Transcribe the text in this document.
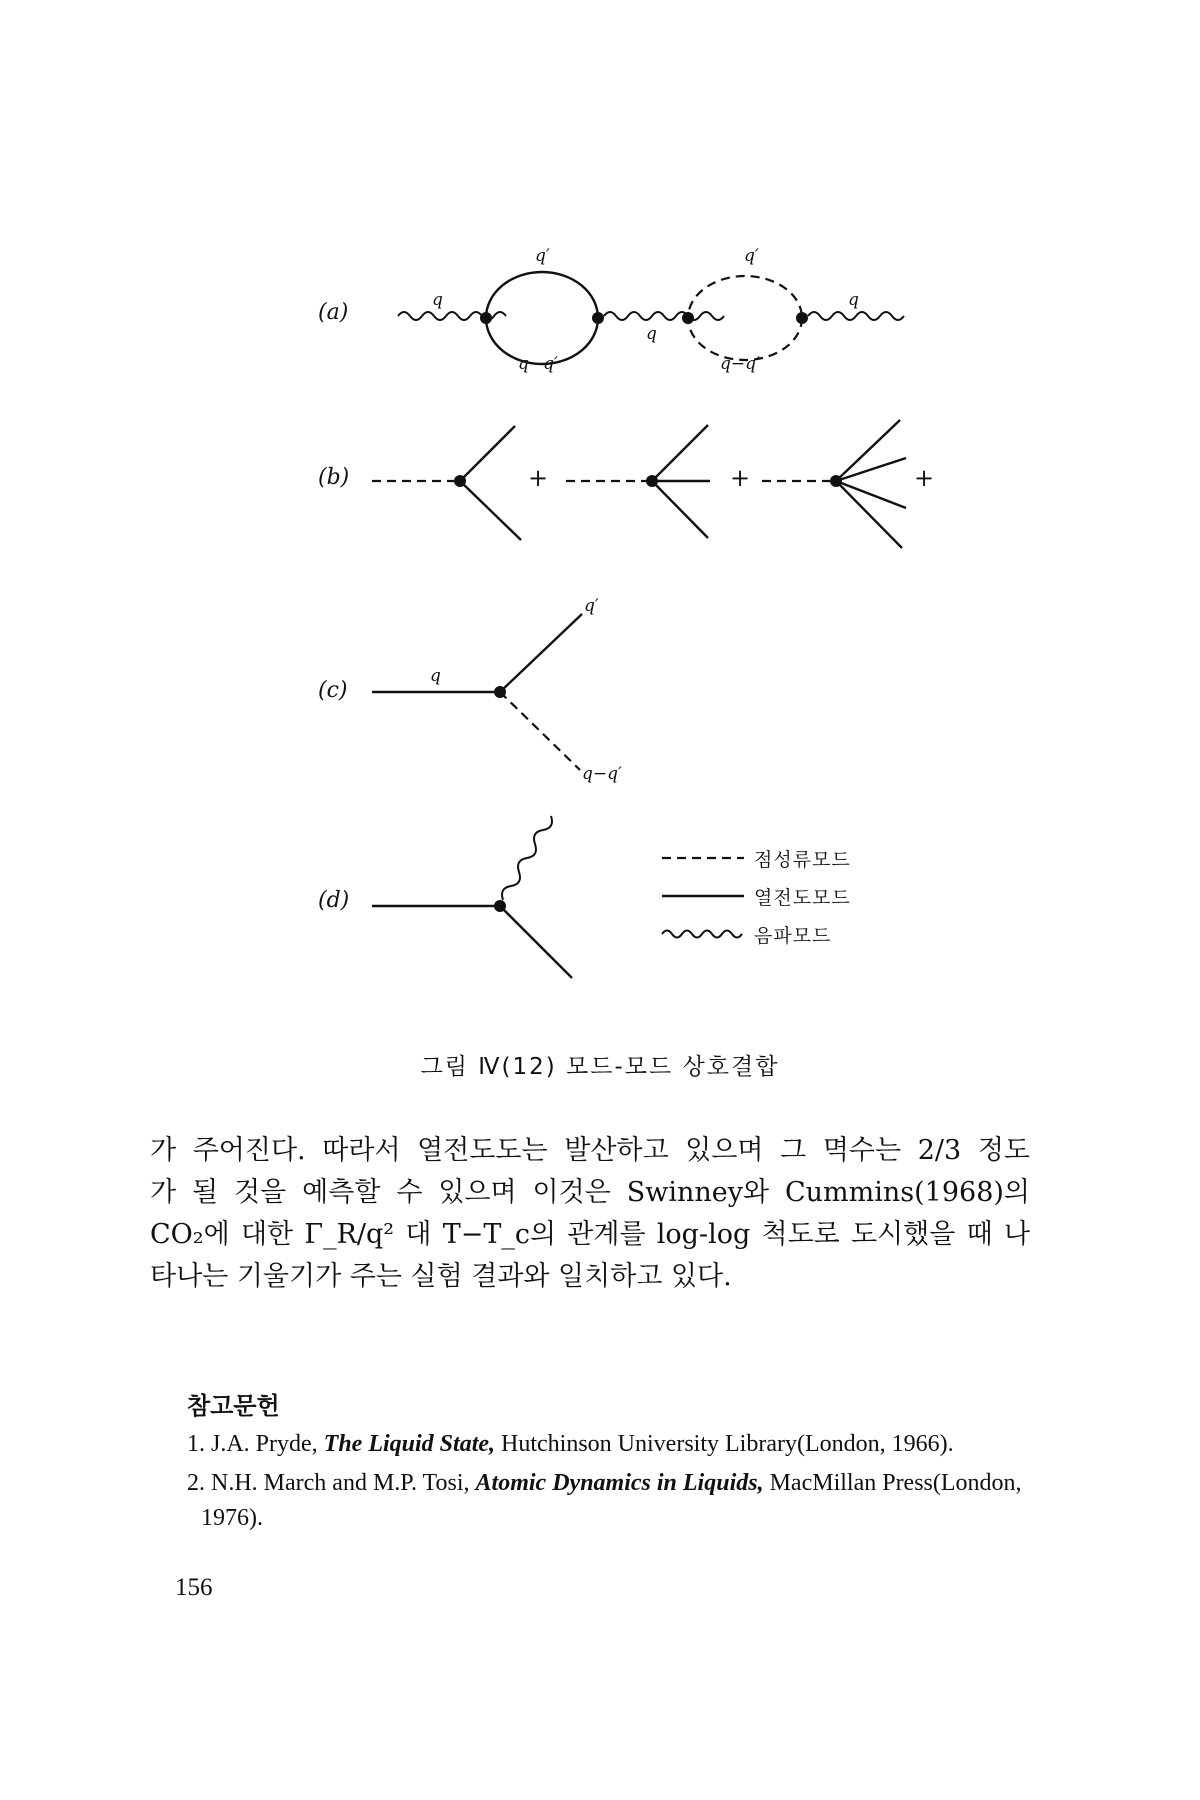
(a)
(b)
(c)
(d)
q
q′
q−q′
q
q′
q−q′
q
+	+	+
q
q′
q−q′
점성류모드
열전도모드
음파모드
그림 Ⅳ(12) 모드-모드 상호결합
가 주어진다. 따라서 열전도도는 발산하고 있으며 그 멱수는 2/3 정도
가 될 것을 예측할 수 있으며 이것은 Swinney와 Cummins(1968)의
CO₂에 대한 Γ_R/q² 대 T−T_c의 관계를 log-log 척도로 도시했을 때 나
타나는 기울기가 주는 실험 결과와 일치하고 있다.
참고문헌
1. J.A. Pryde, The Liquid State, Hutchinson University Library(London, 1966).
2. N.H. March and M.P. Tosi, Atomic Dynamics in Liquids, MacMillan Press(London, 1976).
156
